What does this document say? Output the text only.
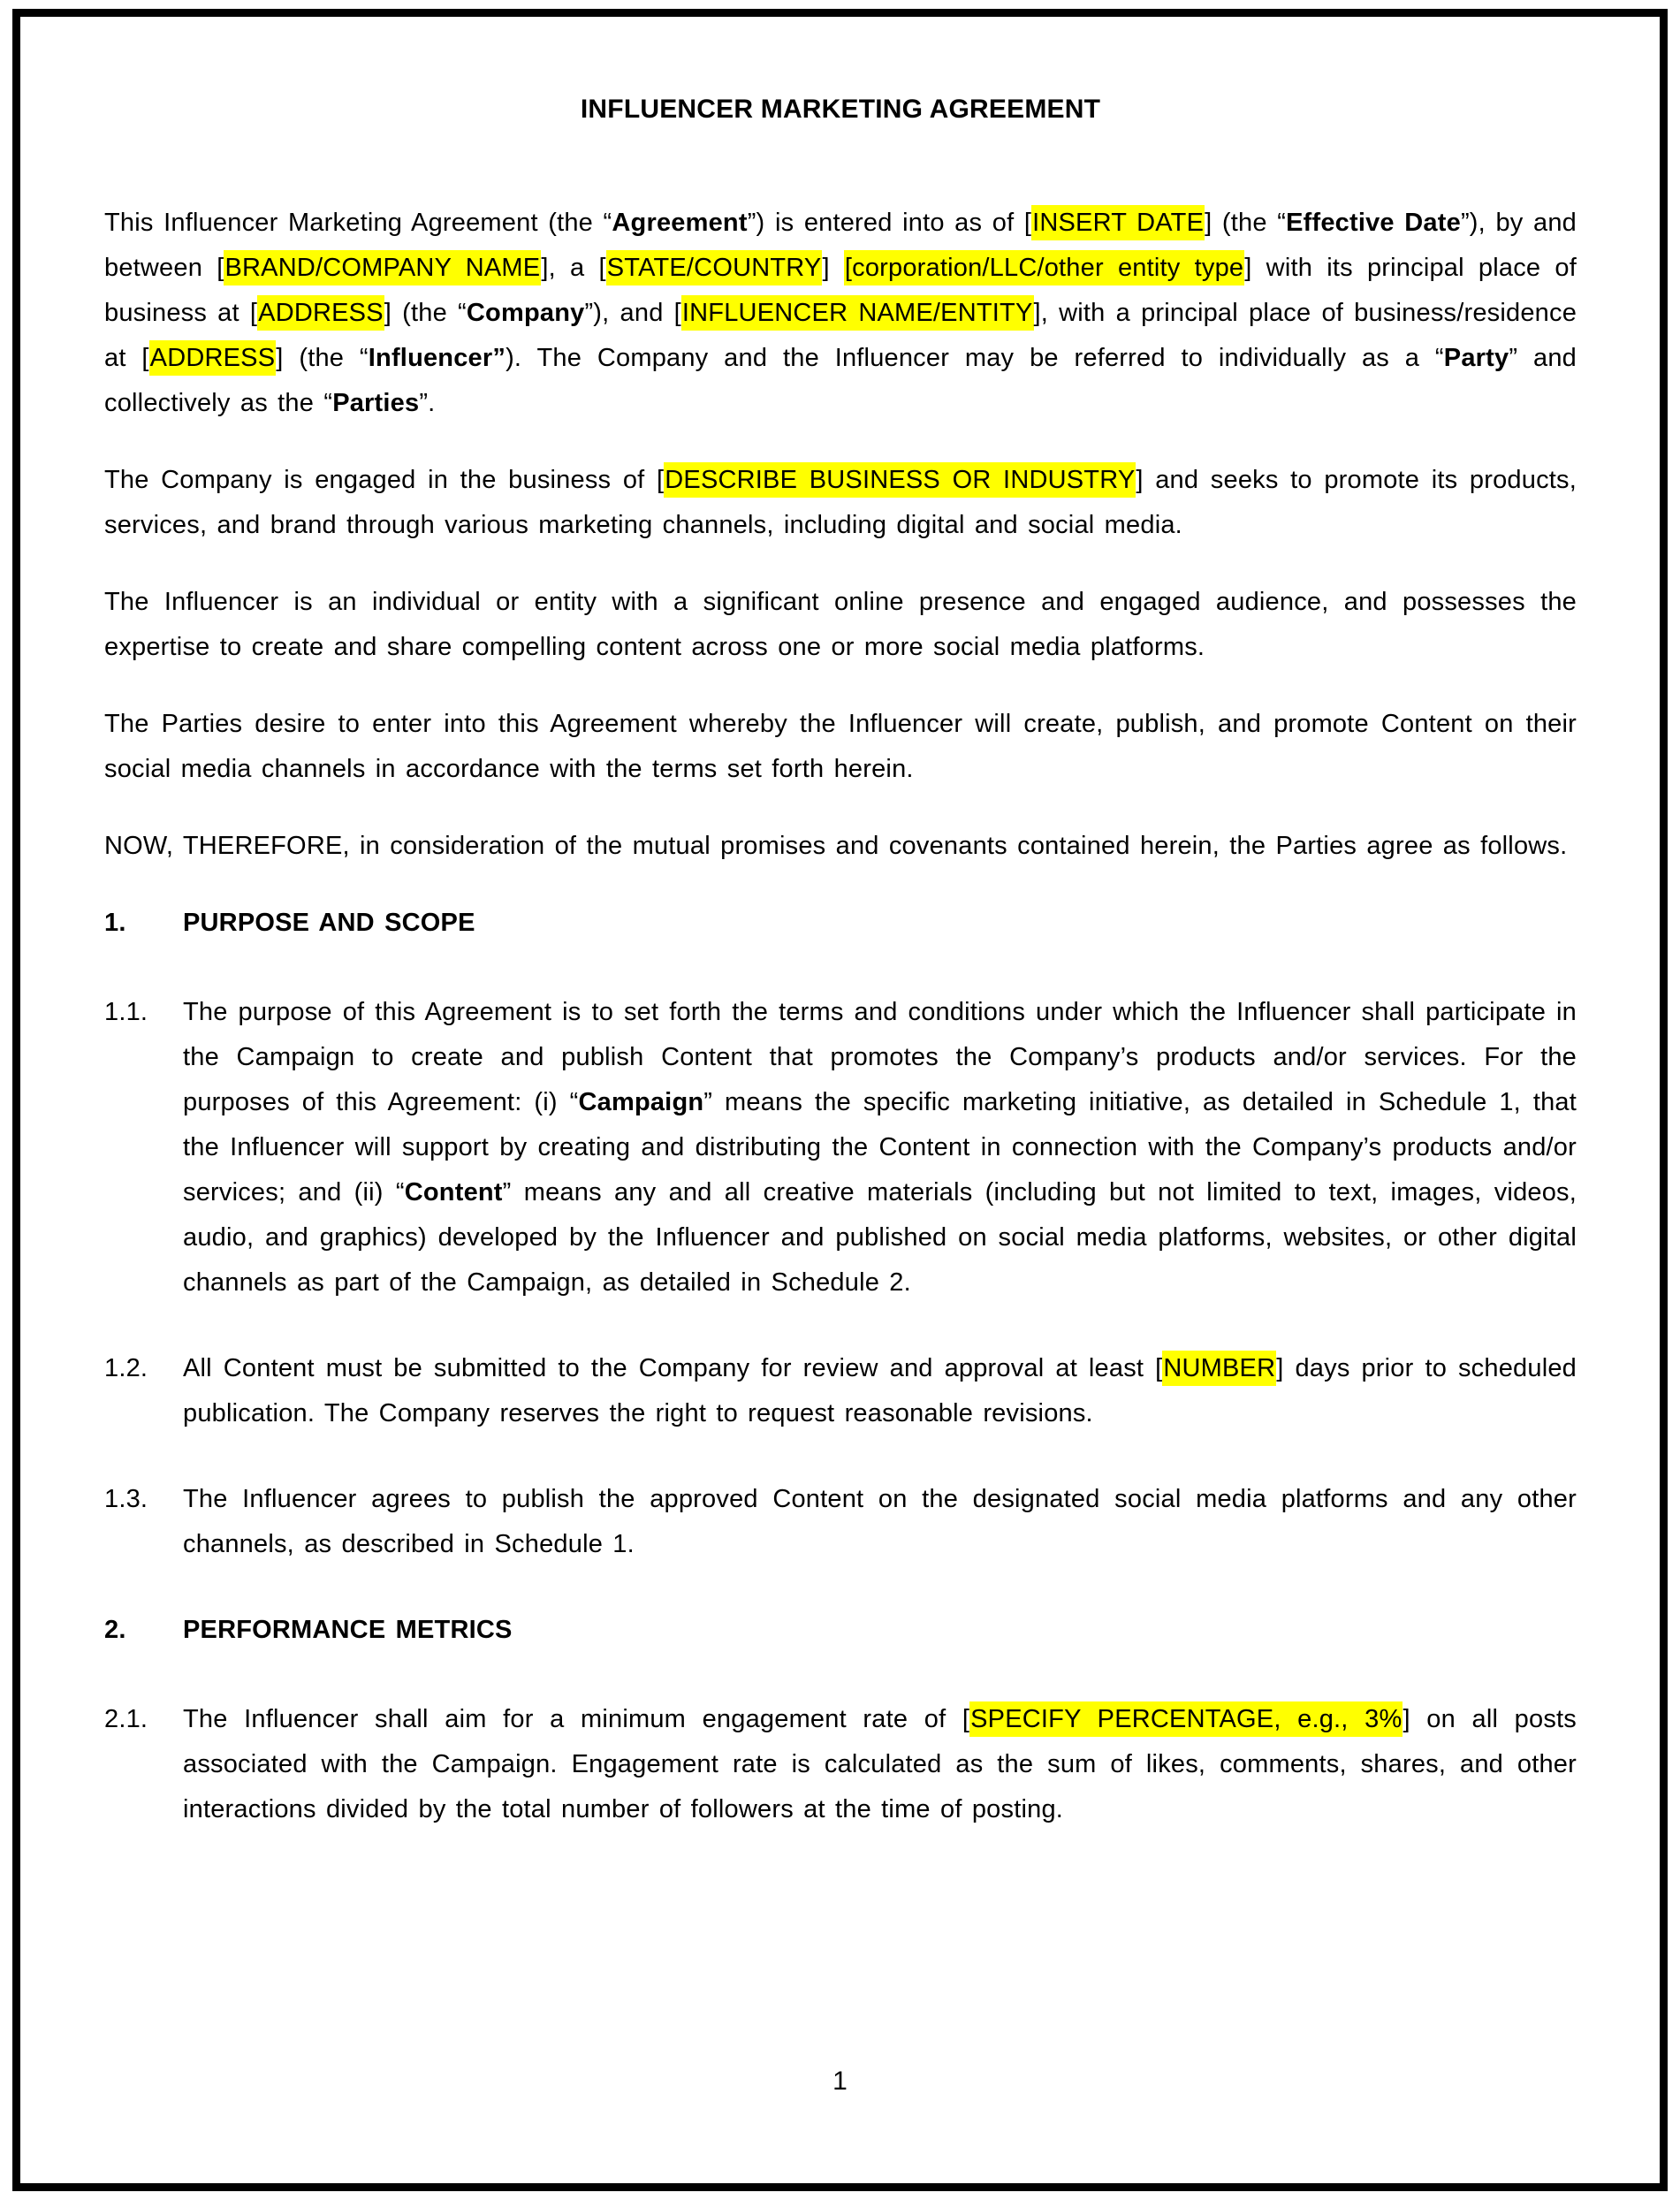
INFLUENCER MARKETING AGREEMENT
This Influencer Marketing Agreement (the “Agreement”) is entered into as of [INSERT DATE] (the “Effective Date”), by and between [BRAND/COMPANY NAME], a [STATE/COUNTRY] [corporation/LLC/other entity type] with its principal place of business at [ADDRESS] (the “Company”), and [INFLUENCER NAME/ENTITY], with a principal place of business/residence at [ADDRESS] (the “Influencer”). The Company and the Influencer may be referred to individually as a “Party” and collectively as the “Parties”.
The Company is engaged in the business of [DESCRIBE BUSINESS OR INDUSTRY] and seeks to promote its products, services, and brand through various marketing channels, including digital and social media.
The Influencer is an individual or entity with a significant online presence and engaged audience, and possesses the expertise to create and share compelling content across one or more social media platforms.
The Parties desire to enter into this Agreement whereby the Influencer will create, publish, and promote Content on their social media channels in accordance with the terms set forth herein.
NOW, THEREFORE, in consideration of the mutual promises and covenants contained herein, the Parties agree as follows.
1.	PURPOSE AND SCOPE
1.1.	The purpose of this Agreement is to set forth the terms and conditions under which the Influencer shall participate in the Campaign to create and publish Content that promotes the Company’s products and/or services. For the purposes of this Agreement: (i) “Campaign” means the specific marketing initiative, as detailed in Schedule 1, that the Influencer will support by creating and distributing the Content in connection with the Company’s products and/or services; and (ii) “Content” means any and all creative materials (including but not limited to text, images, videos, audio, and graphics) developed by the Influencer and published on social media platforms, websites, or other digital channels as part of the Campaign, as detailed in Schedule 2.
1.2.	All Content must be submitted to the Company for review and approval at least [NUMBER] days prior to scheduled publication. The Company reserves the right to request reasonable revisions.
1.3.	The Influencer agrees to publish the approved Content on the designated social media platforms and any other channels, as described in Schedule 1.
2.	PERFORMANCE METRICS
2.1.	The Influencer shall aim for a minimum engagement rate of [SPECIFY PERCENTAGE, e.g., 3%] on all posts associated with the Campaign. Engagement rate is calculated as the sum of likes, comments, shares, and other interactions divided by the total number of followers at the time of posting.
1
